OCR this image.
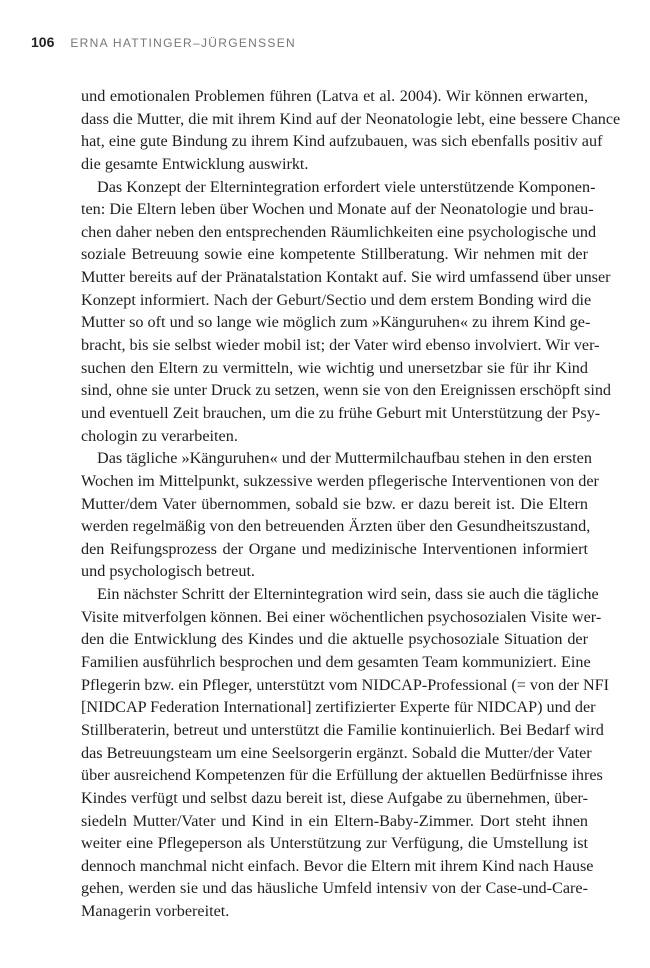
106 ERNA HATTINGER–JÜRGENSSEN
und emotionalen Problemen führen (Latva et al. 2004). Wir können erwarten,
dass die Mutter, die mit ihrem Kind auf der Neonatologie lebt, eine bessere Chance
hat, eine gute Bindung zu ihrem Kind aufzubauen, was sich ebenfalls positiv auf
die gesamte Entwicklung auswirkt.
Das Konzept der Elternintegration erfordert viele unterstützende Komponen-
ten: Die Eltern leben über Wochen und Monate auf der Neonatologie und brau-
chen daher neben den entsprechenden Räumlichkeiten eine psychologische und
soziale Betreuung sowie eine kompetente Stillberatung. Wir nehmen mit der
Mutter bereits auf der Pränatalstation Kontakt auf. Sie wird umfassend über unser
Konzept informiert. Nach der Geburt/Sectio und dem erstem Bonding wird die
Mutter so oft und so lange wie möglich zum »Känguruhen« zu ihrem Kind ge-
bracht, bis sie selbst wieder mobil ist; der Vater wird ebenso involviert. Wir ver-
suchen den Eltern zu vermitteln, wie wichtig und unersetzbar sie für ihr Kind
sind, ohne sie unter Druck zu setzen, wenn sie von den Ereignissen erschöpft sind
und eventuell Zeit brauchen, um die zu frühe Geburt mit Unterstützung der Psy-
chologin zu verarbeiten.
Das tägliche »Känguruhen« und der Muttermilchaufbau stehen in den ersten
Wochen im Mittelpunkt, sukzessive werden pflegerische Interventionen von der
Mutter/dem Vater übernommen, sobald sie bzw. er dazu bereit ist. Die Eltern
werden regelmäßig von den betreuenden Ärzten über den Gesundheitszustand,
den Reifungsprozess der Organe und medizinische Interventionen informiert
und psychologisch betreut.
Ein nächster Schritt der Elternintegration wird sein, dass sie auch die tägliche
Visite mitverfolgen können. Bei einer wöchentlichen psychosozialen Visite wer-
den die Entwicklung des Kindes und die aktuelle psychosoziale Situation der
Familien ausführlich besprochen und dem gesamten Team kommuniziert. Eine
Pflegerin bzw. ein Pfleger, unterstützt vom NIDCAP-Professional (= von der NFI
[NIDCAP Federation International] zertifizierter Experte für NIDCAP) und der
Stillberaterin, betreut und unterstützt die Familie kontinuierlich. Bei Bedarf wird
das Betreuungsteam um eine Seelsorgerin ergänzt. Sobald die Mutter/der Vater
über ausreichend Kompetenzen für die Erfüllung der aktuellen Bedürfnisse ihres
Kindes verfügt und selbst dazu bereit ist, diese Aufgabe zu übernehmen, über-
siedeln Mutter/Vater und Kind in ein Eltern-Baby-Zimmer. Dort steht ihnen
weiter eine Pflegeperson als Unterstützung zur Verfügung, die Umstellung ist
dennoch manchmal nicht einfach. Bevor die Eltern mit ihrem Kind nach Hause
gehen, werden sie und das häusliche Umfeld intensiv von der Case-und-Care-
Managerin vorbereitet.
